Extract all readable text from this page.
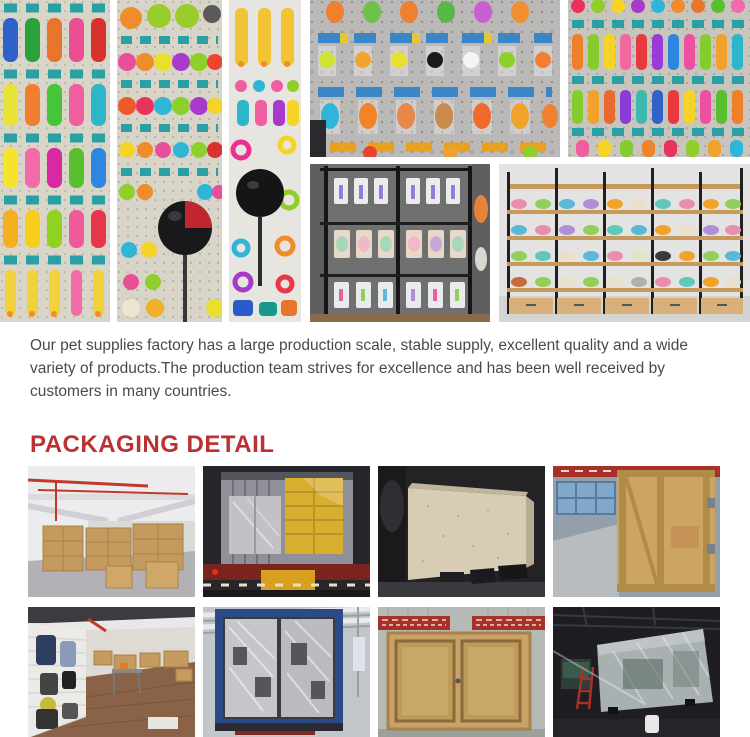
Our pet supplies factory has a large production scale, stable supply, excellent quality and a wide variety of products.The production team strives for excellence and has been well received by customers in many countries.

PACKAGING DETAIL
